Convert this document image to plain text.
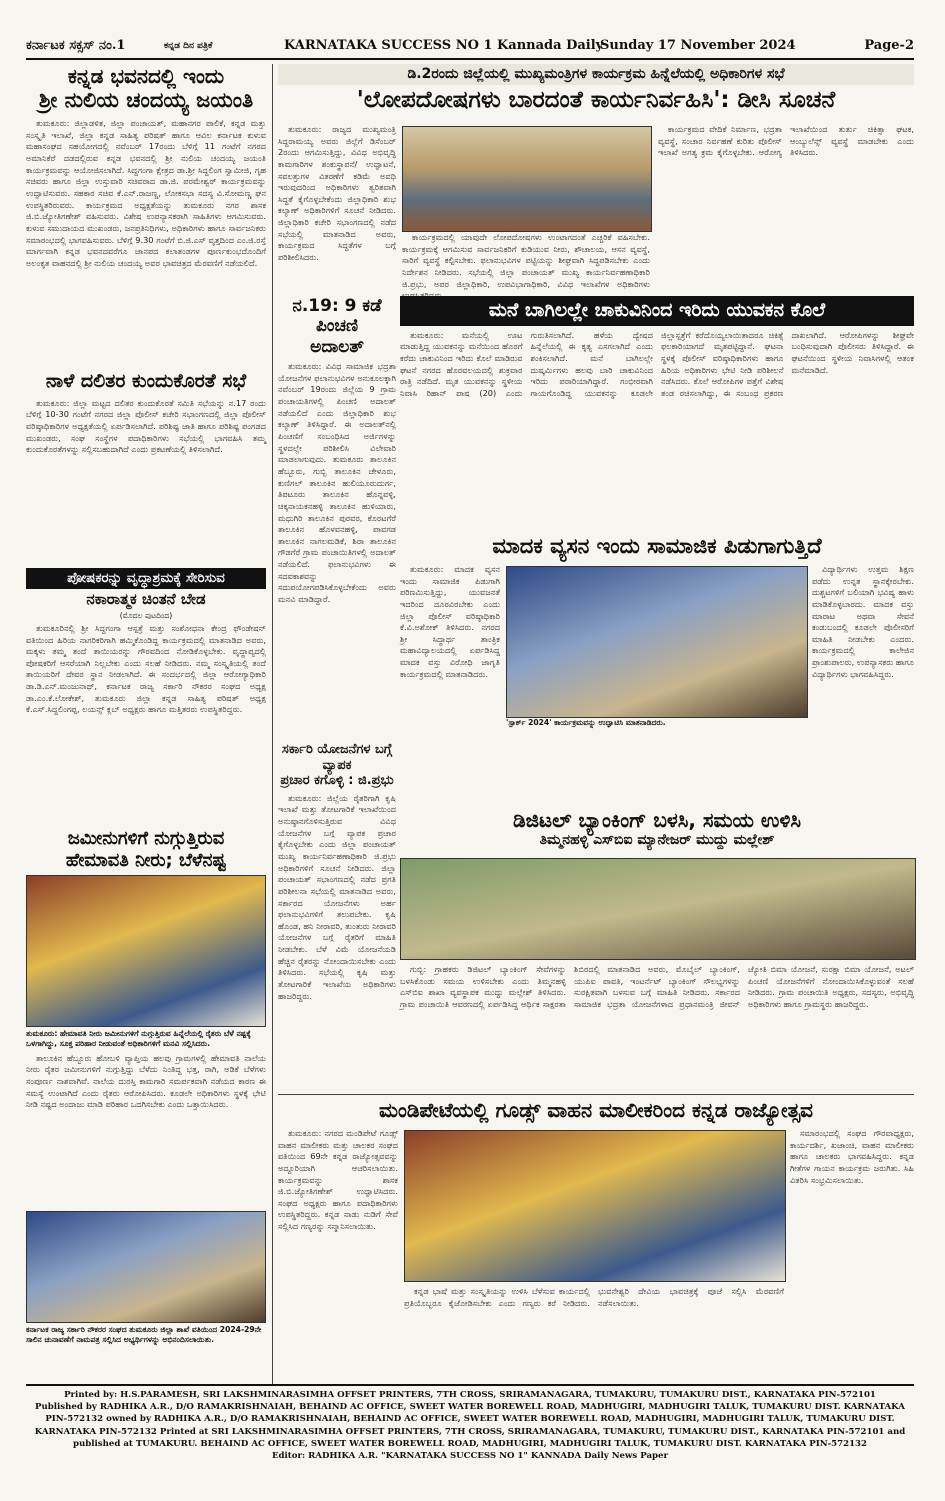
ಕರ್ನಾಟಕ ಸಕ್ಸಸ್ ನಂ.1	ಕನ್ನಡ ದಿನ ಪತ್ರಿಕೆ	KARNATAKA SUCCESS NO 1 Kannada Daily
Sunday 17 November 2024	Page-2
ಕನ್ನಡ ಭವನದಲ್ಲಿ ಇಂದು
ಶ್ರೀ ನುಲಿಯ ಚಂದಯ್ಯ ಜಯಂತಿ

ತುಮಕೂರು: ಜಿಲ್ಲಾಡಳಿತ, ಜಿಲ್ಲಾ ಪಂಚಾಯತ್, ಮಹಾನಗರ ಪಾಲಿಕೆ, ಕನ್ನಡ ಮತ್ತು ಸಂಸ್ಕೃತಿ ಇಲಾಖೆ, ಜಿಲ್ಲಾ ಕನ್ನಡ ಸಾಹಿತ್ಯ ಪರಿಷತ್ ಹಾಗೂ ಆವಿಲ ಕರ್ನಾಟಕ ಕುಳುವ ಮಹಾಸಂಘದ ಸಹಯೋಗದಲ್ಲಿ ನವೆಂಬರ್ 17ರಂದು ಬೆಳಿಗ್ಗೆ 11 ಗಂಟೆಗೆ ನಗರದ ಅಮಾನಿಕೆರೆ ದಡದಲ್ಲಿರುವ ಕನ್ನಡ ಭವನದಲ್ಲಿ ಶ್ರೀ ನುಲಿಯ ಚಂದಯ್ಯ ಜಯಂತಿ ಕಾರ್ಯಕ್ರಮವನ್ನು ಆಯೋಜಿಸಲಾಗಿದೆ. ಸಿದ್ದಗಂಗಾ ಕ್ಷೇತ್ರದ ಡಾ.ಶ್ರೀ ಸಿದ್ದಲಿಂಗ ಸ್ವಾಮೀಜಿ, ಗೃಹ ಸಚಿವರು ಹಾಗೂ ಜಿಲ್ಲಾ ಉಸ್ತುವಾರಿ ಸಚಿವರಾದ ಡಾ.ಜಿ. ಪರಮೇಶ್ವರ್ ಕಾರ್ಯಕ್ರಮವನ್ನು ಉದ್ಘಾಟಿಸುವರು. ಸಹಕಾರ ಸಚಿವ ಕೆ.ಎನ್.ರಾಜಣ್ಣ, ಲೋಕಸಭಾ ಸದಸ್ಯ ವಿ.ಸೋಮಣ್ಣ ಘನ ಉಪಸ್ಥಿತರಿರುವರು. ಕಾರ್ಯಕ್ರಮದ ಅಧ್ಯಕ್ಷತೆಯನ್ನು ತುಮಕೂರು ನಗರ ಶಾಸಕ ಜಿ.ಬಿ.ಜ್ಯೋತಿಗಣೇಶ್ ವಹಿಸುವರು. ವಿಶೇಷ ಉಪನ್ಯಾಸಕರಾಗಿ ಸಾಹಿತಿಗಳು ಆಗಮಿಸುವರು. ಕುಳುವ ಸಮುದಾಯದ ಮುಖಂಡರು, ಜನಪ್ರತಿನಿಧಿಗಳು, ಅಧಿಕಾರಿಗಳು ಹಾಗೂ ಸಾರ್ವಜನಿಕರು ಸಮಾರಂಭದಲ್ಲಿ ಭಾಗವಹಿಸುವರು. ಬೆಳಿಗ್ಗೆ 9.30 ಗಂಟೆಗೆ ಬಿ.ಜಿ.ಎಸ್ ವೃತ್ತದಿಂದ ಎಂ.ಜಿ.ರಸ್ತೆ ಮಾರ್ಗವಾಗಿ ಕನ್ನಡ ಭವನದವರೆಗೂ ಜಾನಪದ ಕಲಾತಂಡಗಳ ಪೂರ್ಣಕುಂಭದೊಂದಿಗೆ ಅಲಂಕೃತ ವಾಹನದಲ್ಲಿ ಶ್ರೀ ನುಲಿಯ ಚಂದಯ್ಯ ಅವರ ಭಾವಚಿತ್ರದ ಮೆರವಣಿಗೆ ನಡೆಯಲಿದೆ.

ನಾಳೆ ದಲಿತರ ಕುಂದುಕೊರತೆ ಸಭೆ

ತುಮಕೂರು: ಜಿಲ್ಲಾ ಮಟ್ಟದ ದಲಿತರ ಕುಂದುಕೊರತೆ ಸಮಿತಿ ಸಭೆಯನ್ನು ನ.17 ರಂದು ಬೆಳಿಗ್ಗೆ 10-30 ಗಂಟೆಗೆ ನಗರದ ಜಿಲ್ಲಾ ಪೊಲೀಸ್ ಕಚೇರಿ ಸಭಾಂಗಣದಲ್ಲಿ ಜಿಲ್ಲಾ ಪೊಲೀಸ್ ವರಿಷ್ಠಾಧಿಕಾರಿಗಳ ಅಧ್ಯಕ್ಷತೆಯಲ್ಲಿ ಏರ್ಪಡಿಸಲಾಗಿದೆ. ಪರಿಶಿಷ್ಟ ಜಾತಿ ಹಾಗೂ ಪರಿಶಿಷ್ಟ ಪಂಗಡದ ಮುಖಂಡರು, ಸಂಘ ಸಂಸ್ಥೆಗಳ ಪದಾಧಿಕಾರಿಗಳು ಸಭೆಯಲ್ಲಿ ಭಾಗವಹಿಸಿ ತಮ್ಮ ಕುಂದುಕೊರತೆಗಳನ್ನು ಸಲ್ಲಿಸಬಹುದಾಗಿದೆ ಎಂದು ಪ್ರಕಟಣೆಯಲ್ಲಿ ತಿಳಿಸಲಾಗಿದೆ.

ಪೋಷಕರನ್ನು ವೃದ್ಧಾಶ್ರಮಕ್ಕೆ ಸೇರಿಸುವ
ನಕಾರಾತ್ಮಕ ಚಿಂತನೆ ಬೇಡ
(ಮೊದಲ ಪುಟದಿಂದ)

ತುಮಕೂರಿನಲ್ಲಿ ಶ್ರೀ ಸಿದ್ದಗಂಗಾ ಆಸ್ಪತ್ರೆ ಮತ್ತು ಸಂಶೋಧನಾ ಕೇಂದ್ರ ಫೌಂಡೇಷನ್ ವತಿಯಿಂದ ಹಿರಿಯ ನಾಗರಿಕರಿಗಾಗಿ ಹಮ್ಮಿಕೊಂಡಿದ್ದ ಕಾರ್ಯಕ್ರಮದಲ್ಲಿ ಮಾತನಾಡಿದ ಅವರು, ಮಕ್ಕಳು ತಮ್ಮ ತಂದೆ ತಾಯಿಯರನ್ನು ಗೌರವದಿಂದ ನೋಡಿಕೊಳ್ಳಬೇಕು. ವೃದ್ಧಾಪ್ಯದಲ್ಲಿ ಪೋಷಕರಿಗೆ ಆಸರೆಯಾಗಿ ನಿಲ್ಲಬೇಕು ಎಂದು ಸಲಹೆ ನೀಡಿದರು. ನಮ್ಮ ಸಂಸ್ಕೃತಿಯಲ್ಲಿ ತಂದೆ ತಾಯಿಯರಿಗೆ ದೇವರ ಸ್ಥಾನ ನೀಡಲಾಗಿದೆ. ಈ ಸಂದರ್ಭದಲ್ಲಿ ಜಿಲ್ಲಾ ಆರೋಗ್ಯಾಧಿಕಾರಿ ಡಾ.ಡಿ.ಎನ್.ಮಂಜುನಾಥ್, ಕರ್ನಾಟಕ ರಾಜ್ಯ ಸರ್ಕಾರಿ ನೌಕರರ ಸಂಘದ ಅಧ್ಯಕ್ಷ ಡಾ.ಎಂ.ಕೆ.ಲೋಕೇಶ್, ತುಮಕೂರು ಜಿಲ್ಲಾ ಕನ್ನಡ ಸಾಹಿತ್ಯ ಪರಿಷತ್ ಅಧ್ಯಕ್ಷ ಕೆ.ಎಸ್.ಸಿದ್ದಲಿಂಗಪ್ಪ, ಲಯನ್ಸ್ ಕ್ಲಬ್ ಅಧ್ಯಕ್ಷರು ಹಾಗೂ ಮತ್ತಿತರರು ಉಪಸ್ಥಿತರಿದ್ದರು.

ಜಮೀನುಗಳಿಗೆ ನುಗ್ಗುತ್ತಿರುವ
ಹೇಮಾವತಿ ನೀರು; ಬೆಳೆನಷ್ಟ
ತುಮಕೂರು: ಹೇಮಾವತಿ ನೀರು ಜಮೀನುಗಳಿಗೆ ನುಗ್ಗುತ್ತಿರುವ ಹಿನ್ನೆಲೆಯಲ್ಲಿ ರೈತರು ಬೆಳೆ ನಷ್ಟಕ್ಕೆ ಒಳಗಾಗಿದ್ದು, ಸೂಕ್ತ ಪರಿಹಾರ ನೀಡುವಂತೆ ಅಧಿಕಾರಿಗಳಿಗೆ ಮನವಿ ಸಲ್ಲಿಸಿದರು.

ತಾಲೂಕಿನ ಹೆಬ್ಬೂರು ಹೋಬಳಿ ವ್ಯಾಪ್ತಿಯ ಹಲವು ಗ್ರಾಮಗಳಲ್ಲಿ ಹೇಮಾವತಿ ನಾಲೆಯ ನೀರು ರೈತರ ಜಮೀನುಗಳಿಗೆ ನುಗ್ಗುತ್ತಿದ್ದು ಬೆಳೆದು ನಿಂತಿದ್ದ ಭತ್ತ, ರಾಗಿ, ಅಡಿಕೆ ಬೆಳೆಗಳು ಸಂಪೂರ್ಣ ನಾಶವಾಗಿವೆ. ನಾಲೆಯ ದುರಸ್ತಿ ಕಾಮಗಾರಿ ಸಮರ್ಪಕವಾಗಿ ನಡೆಯದ ಕಾರಣ ಈ ಸಮಸ್ಯೆ ಉಂಟಾಗಿದೆ ಎಂದು ರೈತರು ಆರೋಪಿಸಿದರು. ಕೂಡಲೇ ಅಧಿಕಾರಿಗಳು ಸ್ಥಳಕ್ಕೆ ಭೇಟಿ ನೀಡಿ ನಷ್ಟದ ಅಂದಾಜು ಮಾಡಿ ಪರಿಹಾರ ಒದಗಿಸಬೇಕು ಎಂದು ಒತ್ತಾಯಿಸಿದರು.

ಕರ್ನಾಟಕ ರಾಜ್ಯ ಸರ್ಕಾರಿ ನೌಕರರ ಸಂಘದ ತುಮಕೂರು ಜಿಲ್ಲಾ ಶಾಖೆ ವತಿಯಿಂದ 2024-29ನೇ ಸಾಲಿನ ಚುನಾವಣೆಗೆ ನಾಮಪತ್ರ ಸಲ್ಲಿಸಿದ ಅಭ್ಯರ್ಥಿಗಳನ್ನು ಅಭಿನಂದಿಸಲಾಯಿತು.
ಡಿ.2ರಂದು ಜಿಲ್ಲೆಯಲ್ಲಿ ಮುಖ್ಯಮಂತ್ರಿಗಳ ಕಾರ್ಯಕ್ರಮ ಹಿನ್ನೆಲೆಯಲ್ಲಿ ಅಧಿಕಾರಿಗಳ ಸಭೆ
'ಲೋಪದೋಷಗಳು ಬಾರದಂತೆ ಕಾರ್ಯನಿರ್ವಹಿಸಿ': ಡೀಸಿ ಸೂಚನೆ

ತುಮಕೂರು: ರಾಜ್ಯದ ಮುಖ್ಯಮಂತ್ರಿ ಸಿದ್ದರಾಮಯ್ಯ ಅವರು ಜಿಲ್ಲೆಗೆ ಡಿಸೆಂಬರ್ 2ರಂದು ಆಗಮಿಸುತ್ತಿದ್ದು, ವಿವಿಧ ಅಭಿವೃದ್ಧಿ ಕಾಮಗಾರಿಗಳ ಶಂಕುಸ್ಥಾಪನೆ/ ಉದ್ಘಾಟನೆ, ಸವಲತ್ತುಗಳ ವಿತರಣೆಗೆ ಕಡಿಮೆ ಅವಧಿ ಇರುವುದರಿಂದ ಅಧಿಕಾರಿಗಳು ತ್ವರಿತವಾಗಿ ಸಿದ್ಧತೆ ಕೈಗೊಳ್ಳಬೇಕೆಂದು ಜಿಲ್ಲಾಧಿಕಾರಿ ಶುಭ ಕಲ್ಯಾಣ್ ಅಧಿಕಾರಿಗಳಿಗೆ ಸೂಚನೆ ನೀಡಿದರು. ಜಿಲ್ಲಾಧಿಕಾರಿ ಕಚೇರಿ ಸಭಾಂಗಣದಲ್ಲಿ ನಡೆದ ಸಭೆಯಲ್ಲಿ ಮಾತನಾಡಿದ ಅವರು, ಕಾರ್ಯಕ್ರಮದ ಸಿದ್ಧತೆಗಳ ಬಗ್ಗೆ ಪರಿಶೀಲಿಸಿದರು.

ಕಾರ್ಯಕ್ರಮದಲ್ಲಿ ಯಾವುದೇ ಲೋಪದೋಷಗಳು ಉಂಟಾಗದಂತೆ ಎಚ್ಚರಿಕೆ ವಹಿಸಬೇಕು. ಕಾರ್ಯಕ್ರಮಕ್ಕೆ ಆಗಮಿಸುವ ಸಾರ್ವಜನಿಕರಿಗೆ ಕುಡಿಯುವ ನೀರು, ಶೌಚಾಲಯ, ಆಸನ ವ್ಯವಸ್ಥೆ, ಸಾರಿಗೆ ವ್ಯವಸ್ಥೆ ಕಲ್ಪಿಸಬೇಕು. ಫಲಾನುಭವಿಗಳ ಪಟ್ಟಿಯನ್ನು ಶೀಘ್ರವಾಗಿ ಸಿದ್ಧಪಡಿಸಬೇಕು ಎಂದು ನಿರ್ದೇಶನ ನೀಡಿದರು. ಸಭೆಯಲ್ಲಿ ಜಿಲ್ಲಾ ಪಂಚಾಯತ್ ಮುಖ್ಯ ಕಾರ್ಯನಿರ್ವಹಣಾಧಿಕಾರಿ ಜಿ.ಪ್ರಭು, ಅಪರ ಜಿಲ್ಲಾಧಿಕಾರಿ, ಉಪವಿಭಾಗಾಧಿಕಾರಿ, ವಿವಿಧ ಇಲಾಖೆಗಳ ಅಧಿಕಾರಿಗಳು

ಕಾರ್ಯಕ್ರಮದ ವೇದಿಕೆ ನಿರ್ಮಾಣ, ಭದ್ರತಾ ವ್ಯವಸ್ಥೆ, ಸಂಚಾರ ನಿರ್ವಹಣೆ ಕುರಿತು ಪೊಲೀಸ್ ಇಲಾಖೆ ಅಗತ್ಯ ಕ್ರಮ ಕೈಗೊಳ್ಳಬೇಕು. ಆರೋಗ್ಯ ಇಲಾಖೆಯಿಂದ ತುರ್ತು ಚಿಕಿತ್ಸಾ ಘಟಕ, ಆಂಬ್ಯುಲೆನ್ಸ್ ವ್ಯವಸ್ಥೆ ಮಾಡಬೇಕು ಎಂದು ತಿಳಿಸಿದರು.

ನ.19: 9 ಕಡೆ
ಪಿಂಚಣಿ
ಅದಾಲತ್

ತುಮಕೂರು: ವಿವಿಧ ಸಾಮಾಜಿಕ ಭದ್ರತಾ ಯೋಜನೆಗಳ ಫಲಾನುಭವಿಗಳ ಅನುಕೂಲಕ್ಕಾಗಿ ನವೆಂಬರ್ 19ರಂದು ಜಿಲ್ಲೆಯ 9 ಗ್ರಾಮ ಪಂಚಾಯತಿಗಳಲ್ಲಿ ಪಿಂಚಣಿ ಅದಾಲತ್ ನಡೆಯಲಿದೆ ಎಂದು ಜಿಲ್ಲಾಧಿಕಾರಿ ಶುಭ ಕಲ್ಯಾಣ್ ತಿಳಿಸಿದ್ದಾರೆ. ಈ ಅದಾಲತ್‌ನಲ್ಲಿ ಪಿಂಚಣಿಗೆ ಸಂಬಂಧಿಸಿದ ಅರ್ಜಿಗಳನ್ನು ಸ್ಥಳದಲ್ಲೇ ಪರಿಶೀಲಿಸಿ ವಿಲೇವಾರಿ ಮಾಡಲಾಗುವುದು. ತುಮಕೂರು ತಾಲೂಕಿನ ಹೆಬ್ಬೂರು, ಗುಬ್ಬಿ ತಾಲೂಕಿನ ಚೇಳೂರು, ಕುಣಿಗಲ್ ತಾಲೂಕಿನ ಹುಲಿಯೂರುದುರ್ಗ, ತಿಪಟೂರು ತಾಲೂಕಿನ ಹೊನ್ನವಳ್ಳಿ, ಚಿಕ್ಕನಾಯಕನಹಳ್ಳಿ ತಾಲೂಕಿನ ಹುಳಿಯಾರು, ಮಧುಗಿರಿ ತಾಲೂಕಿನ ಪುರವರ, ಕೊರಟಗೆರೆ ತಾಲೂಕಿನ ಹೊಳವನಹಳ್ಳಿ, ಪಾವಗಡ ತಾಲೂಕಿನ ನಾಗಲಮಡಿಕೆ, ಶಿರಾ ತಾಲೂಕಿನ ಗೌಡಗೆರೆ ಗ್ರಾಮ ಪಂಚಾಯಿತಿಗಳಲ್ಲಿ ಅದಾಲತ್ ನಡೆಯಲಿದೆ. ಫಲಾನುಭವಿಗಳು ಈ ಸದವಕಾಶವನ್ನು ಸದುಪಯೋಗಪಡಿಸಿಕೊಳ್ಳಬೇಕೆಂದು ಅವರು ಮನವಿ ಮಾಡಿದ್ದಾರೆ.

ಮನೆ ಬಾಗಿಲಲ್ಲೇ ಚಾಕುವಿನಿಂದ ಇರಿದು ಯುವಕನ ಕೊಲೆ

ತುಮಕೂರು: ಮನೆಯಲ್ಲಿ ಊಟ ಮಾಡುತ್ತಿದ್ದ ಯುವಕನನ್ನು ಮನೆಯಿಂದ ಹೊರಗೆ ಕರೆದು ಚಾಕುವಿನಿಂದ ಇರಿದು ಕೊಲೆ ಮಾಡಿರುವ ಘಟನೆ ನಗರದ ಹೊರವಲಯದಲ್ಲಿ ಶುಕ್ರವಾರ ರಾತ್ರಿ ನಡೆದಿದೆ. ಮೃತ ಯುವಕನನ್ನು ಸ್ಥಳೀಯ ನಿವಾಸಿ ರಿಹಾನ್ ಪಾಷ (20) ಎಂದು ಗುರುತಿಸಲಾಗಿದೆ. ಹಳೆಯ ದ್ವೇಷದ ಹಿನ್ನೆಲೆಯಲ್ಲಿ ಈ ಕೃತ್ಯ ಎಸಗಲಾಗಿದೆ ಎಂದು ಶಂಕಿಸಲಾಗಿದೆ. ಮನೆ ಬಾಗಿಲಲ್ಲೇ ದುಷ್ಕರ್ಮಿಗಳು ಹಲವು ಬಾರಿ ಚಾಕುವಿನಿಂದ ಇರಿದು ಪರಾರಿಯಾಗಿದ್ದಾರೆ. ಗಂಭೀರವಾಗಿ ಗಾಯಗೊಂಡಿದ್ದ ಯುವಕನನ್ನು ಕೂಡಲೇ ಜಿಲ್ಲಾಸ್ಪತ್ರೆಗೆ ಕರೆದೊಯ್ಯಲಾಯಿತಾದರೂ ಚಿಕಿತ್ಸೆ ಫಲಕಾರಿಯಾಗದೆ ಮೃತಪಟ್ಟಿದ್ದಾನೆ. ಘಟನಾ ಸ್ಥಳಕ್ಕೆ ಪೊಲೀಸ್ ವರಿಷ್ಠಾಧಿಕಾರಿಗಳು ಹಾಗೂ ಹಿರಿಯ ಅಧಿಕಾರಿಗಳು ಭೇಟಿ ನೀಡಿ ಪರಿಶೀಲನೆ ನಡೆಸಿದರು. ಕೊಲೆ ಆರೋಪಿಗಳ ಪತ್ತೆಗೆ ವಿಶೇಷ ತಂಡ ರಚಿಸಲಾಗಿದ್ದು, ಈ ಸಂಬಂಧ ಪ್ರಕರಣ ದಾಖಲಾಗಿದೆ. ಆರೋಪಿಗಳನ್ನು ಶೀಘ್ರವೇ ಬಂಧಿಸುವುದಾಗಿ ಪೊಲೀಸರು ತಿಳಿಸಿದ್ದಾರೆ. ಈ ಘಟನೆಯಿಂದ ಸ್ಥಳೀಯ ನಿವಾಸಿಗಳಲ್ಲಿ ಆತಂಕ ಮನೆಮಾಡಿದೆ.

ಮಾದಕ ವ್ಯಸನ ಇಂದು ಸಾಮಾಜಿಕ ಪಿಡುಗಾಗುತ್ತಿದೆ

ತುಮಕೂರು: ಮಾದಕ ವ್ಯಸನ ಇಂದು ಸಾಮಾಜಿಕ ಪಿಡುಗಾಗಿ ಪರಿಣಮಿಸುತ್ತಿದ್ದು, ಯುವಜನತೆ ಇದರಿಂದ ದೂರವಿರಬೇಕು ಎಂದು ಜಿಲ್ಲಾ ಪೊಲೀಸ್ ವರಿಷ್ಠಾಧಿಕಾರಿ ಕೆ.ವಿ.ಅಶೋಕ್ ತಿಳಿಸಿದರು. ನಗರದ ಶ್ರೀ ಸಿದ್ಧಾರ್ಥ ತಾಂತ್ರಿಕ ಮಹಾವಿದ್ಯಾಲಯದಲ್ಲಿ ಏರ್ಪಡಿಸಿದ್ದ ಮಾದಕ ವಸ್ತು ವಿರೋಧಿ ಜಾಗೃತಿ ಕಾರ್ಯಕ್ರಮದಲ್ಲಿ ಮಾತನಾಡಿದರು.

'ಸ್ಪಾರ್ಕ್ 2024' ಕಾರ್ಯಕ್ರಮವನ್ನು ಉದ್ಘಾಟಿಸಿ ಮಾತನಾಡಿದರು.

ವಿದ್ಯಾರ್ಥಿಗಳು ಉತ್ತಮ ಶಿಕ್ಷಣ ಪಡೆದು ಉನ್ನತ ಸ್ಥಾನಕ್ಕೇರಬೇಕು. ದುಶ್ಚಟಗಳಿಗೆ ಬಲಿಯಾಗಿ ಭವಿಷ್ಯ ಹಾಳು ಮಾಡಿಕೊಳ್ಳಬಾರದು. ಮಾದಕ ವಸ್ತು ಮಾರಾಟ ಅಥವಾ ಸೇವನೆ ಕಂಡುಬಂದಲ್ಲಿ ಕೂಡಲೇ ಪೊಲೀಸರಿಗೆ ಮಾಹಿತಿ ನೀಡಬೇಕು ಎಂದರು. ಕಾರ್ಯಕ್ರಮದಲ್ಲಿ ಕಾಲೇಜಿನ ಪ್ರಾಂಶುಪಾಲರು, ಉಪನ್ಯಾಸಕರು ಹಾಗೂ ವಿದ್ಯಾರ್ಥಿಗಳು ಭಾಗವಹಿಸಿದ್ದರು.

ಸರ್ಕಾರಿ ಯೋಜನೆಗಳ ಬಗ್ಗೆ ವ್ಯಾಪಕ
ಪ್ರಚಾರ ಕಗೊಳ್ಳಿ : ಜಿ.ಪ್ರಭು

ತುಮಕೂರು: ಜಿಲ್ಲೆಯ ರೈತರಿಗಾಗಿ ಕೃಷಿ ಇಲಾಖೆ ಮತ್ತು ತೋಟಗಾರಿಕೆ ಇಲಾಖೆಯಿಂದ ಅನುಷ್ಠಾನಗೊಳಿಸುತ್ತಿರುವ ವಿವಿಧ ಯೋಜನೆಗಳ ಬಗ್ಗೆ ವ್ಯಾಪಕ ಪ್ರಚಾರ ಕೈಗೊಳ್ಳಬೇಕು ಎಂದು ಜಿಲ್ಲಾ ಪಂಚಾಯತ್ ಮುಖ್ಯ ಕಾರ್ಯನಿರ್ವಹಣಾಧಿಕಾರಿ ಜಿ.ಪ್ರಭು ಅಧಿಕಾರಿಗಳಿಗೆ ಸೂಚನೆ ನೀಡಿದರು. ಜಿಲ್ಲಾ ಪಂಚಾಯತ್ ಸಭಾಂಗಣದಲ್ಲಿ ನಡೆದ ಪ್ರಗತಿ ಪರಿಶೀಲನಾ ಸಭೆಯಲ್ಲಿ ಮಾತನಾಡಿದ ಅವರು, ಸರ್ಕಾರದ ಯೋಜನೆಗಳು ಅರ್ಹ ಫಲಾನುಭವಿಗಳಿಗೆ ತಲುಪಬೇಕು. ಕೃಷಿ ಹೊಂಡ, ಹನಿ ನೀರಾವರಿ, ತುಂತುರು ನೀರಾವರಿ ಯೋಜನೆಗಳ ಬಗ್ಗೆ ರೈತರಿಗೆ ಮಾಹಿತಿ ನೀಡಬೇಕು. ಬೆಳೆ ವಿಮೆ ಯೋಜನೆಯಡಿ ಹೆಚ್ಚಿನ ರೈತರನ್ನು ನೋಂದಾಯಿಸಬೇಕು ಎಂದು ತಿಳಿಸಿದರು. ಸಭೆಯಲ್ಲಿ ಕೃಷಿ ಮತ್ತು ತೋಟಗಾರಿಕೆ ಇಲಾಖೆಯ ಅಧಿಕಾರಿಗಳು ಹಾಜರಿದ್ದರು.

ಡಿಜಿಟಲ್ ಬ್ಯಾಂಕಿಂಗ್ ಬಳಸಿ, ಸಮಯ ಉಳಿಸಿ
ತಿಮ್ಮನಹಳ್ಳಿ ಎಸ್‌ಬಿಐ ಮ್ಯಾನೇಜರ್ ಮುದ್ದು ಮಲ್ಲೇಶ್

ಗುಬ್ಬಿ: ಗ್ರಾಹಕರು ಡಿಜಿಟಲ್ ಬ್ಯಾಂಕಿಂಗ್ ಸೇವೆಗಳನ್ನು ಬಳಸಿಕೊಂಡು ಸಮಯ ಉಳಿಸಬೇಕು ಎಂದು ತಿಮ್ಮನಹಳ್ಳಿ ಎಸ್‌ಬಿಐ ಶಾಖಾ ವ್ಯವಸ್ಥಾಪಕ ಮುದ್ದು ಮಲ್ಲೇಶ್ ತಿಳಿಸಿದರು. ಗ್ರಾಮ ಪಂಚಾಯಿತಿ ಆವರಣದಲ್ಲಿ ಏರ್ಪಡಿಸಿದ್ದ ಆರ್ಥಿಕ ಸಾಕ್ಷರತಾ ಶಿಬಿರದಲ್ಲಿ ಮಾತನಾಡಿದ ಅವರು, ಮೊಬೈಲ್ ಬ್ಯಾಂಕಿಂಗ್, ಯುಪಿಐ ಪಾವತಿ, ಇಂಟರ್ನೆಟ್ ಬ್ಯಾಂಕಿಂಗ್ ಸೌಲಭ್ಯಗಳನ್ನು ಸುರಕ್ಷಿತವಾಗಿ ಬಳಸುವ ಬಗ್ಗೆ ಮಾಹಿತಿ ನೀಡಿದರು. ಸರ್ಕಾರದ ಸಾಮಾಜಿಕ ಭದ್ರತಾ ಯೋಜನೆಗಳಾದ ಪ್ರಧಾನಮಂತ್ರಿ ಜೀವನ್ ಜ್ಯೋತಿ ಬಿಮಾ ಯೋಜನೆ, ಸುರಕ್ಷಾ ಬಿಮಾ ಯೋಜನೆ, ಅಟಲ್ ಪಿಂಚಣಿ ಯೋಜನೆಗಳಿಗೆ ನೋಂದಾಯಿಸಿಕೊಳ್ಳುವಂತೆ ಸಲಹೆ ನೀಡಿದರು. ಗ್ರಾಮ ಪಂಚಾಯಿತಿ ಅಧ್ಯಕ್ಷರು, ಸದಸ್ಯರು, ಅಭಿವೃದ್ಧಿ ಅಧಿಕಾರಿಗಳು ಹಾಗೂ ಗ್ರಾಮಸ್ಥರು ಹಾಜರಿದ್ದರು.

ಮಂಡಿಪೇಟೆಯಲ್ಲಿ ಗೂಡ್ಸ್ ವಾಹನ ಮಾಲೀಕರಿಂದ ಕನ್ನಡ ರಾಜ್ಯೋತ್ಸವ

ತುಮಕೂರು: ನಗರದ ಮಂಡಿಪೇಟೆ ಗೂಡ್ಸ್ ವಾಹನ ಮಾಲೀಕರು ಮತ್ತು ಚಾಲಕರ ಸಂಘದ ವತಿಯಿಂದ 69ನೇ ಕನ್ನಡ ರಾಜ್ಯೋತ್ಸವವನ್ನು ಅದ್ದೂರಿಯಾಗಿ ಆಚರಿಸಲಾಯಿತು. ಕಾರ್ಯಕ್ರಮವನ್ನು ಶಾಸಕ ಜಿ.ಬಿ.ಜ್ಯೋತಿಗಣೇಶ್ ಉದ್ಘಾಟಿಸಿದರು. ಸಂಘದ ಅಧ್ಯಕ್ಷರು ಹಾಗೂ ಪದಾಧಿಕಾರಿಗಳು ಉಪಸ್ಥಿತರಿದ್ದರು. ಕನ್ನಡ ನಾಡು ನುಡಿಗೆ ಸೇವೆ ಸಲ್ಲಿಸಿದ ಗಣ್ಯರನ್ನು ಸನ್ಮಾನಿಸಲಾಯಿತು.

ಕನ್ನಡ ಭಾಷೆ ಮತ್ತು ಸಂಸ್ಕೃತಿಯನ್ನು ಉಳಿಸಿ ಬೆಳೆಸುವ ಕಾರ್ಯದಲ್ಲಿ ಪ್ರತಿಯೊಬ್ಬರೂ ಕೈಜೋಡಿಸಬೇಕು ಎಂದು ಗಣ್ಯರು ಕರೆ ನೀಡಿದರು. ಭುವನೇಶ್ವರಿ ದೇವಿಯ ಭಾವಚಿತ್ರಕ್ಕೆ ಪೂಜೆ ಸಲ್ಲಿಸಿ ಮೆರವಣಿಗೆ ನಡೆಸಲಾಯಿತು.

ಸಮಾರಂಭದಲ್ಲಿ ಸಂಘದ ಗೌರವಾಧ್ಯಕ್ಷರು, ಕಾರ್ಯದರ್ಶಿ, ಖಜಾಂಚಿ, ವಾಹನ ಮಾಲೀಕರು ಹಾಗೂ ಚಾಲಕರು ಭಾಗವಹಿಸಿದ್ದರು. ಕನ್ನಡ ಗೀತೆಗಳ ಗಾಯನ ಕಾರ್ಯಕ್ರಮ ಜರುಗಿತು. ಸಿಹಿ ವಿತರಿಸಿ ಸಂಭ್ರಮಿಸಲಾಯಿತು.

Printed by: H.S.PARAMESH, SRI LAKSHMINARASIMHA OFFSET PRINTERS, 7TH CROSS, SRIRAMANAGARA, TUMAKURU, TUMAKURU DIST., KARNATAKA PIN-572101
Published by RADHIKA A.R., D/O RAMAKRISHNAIAH, BEHAIND AC OFFICE, SWEET WATER BOREWELL ROAD, MADHUGIRI, MADHUGIRI TALUK, TUMAKURU DIST. KARNATAKA
PIN-572132 owned by RADHIKA A.R., D/O RAMAKRISHNAIAH, BEHAIND AC OFFICE, SWEET WATER BOREWELL ROAD, MADHUGIRI, MADHUGIRI TALUK, TUMAKURU DIST.
KARNATAKA PIN-572132 Printed at SRI LAKSHMINARASIMHA OFFSET PRINTERS, 7TH CROSS, SRIRAMANAGARA, TUMAKURU, TUMAKURU DIST., KARNATAKA PIN-572101 and
published at TUMAKURU. BEHAIND AC OFFICE, SWEET WATER BOREWELL ROAD, MADHUGIRI, MADHUGIRI TALUK, TUMAKURU DIST. KARNATAKA PIN-572132
Editor: RADHIKA A.R. "KARNATAKA SUCCESS NO 1" KANNADA Daily News Paper
